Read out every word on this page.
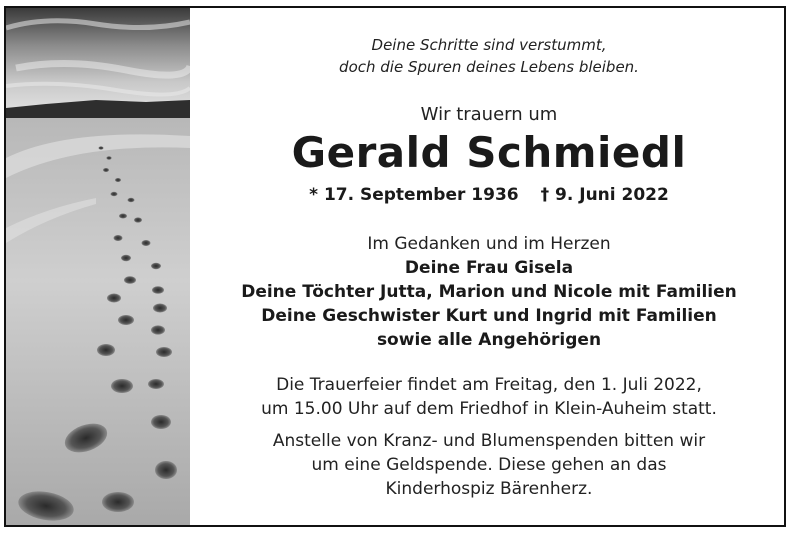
Deine Schritte sind verstummt,
doch die Spuren deines Lebens bleiben.
Wir trauern um
Gerald Schmiedl
* 17. September 1936 † 9. Juni 2022
Im Gedanken und im Herzen
Deine Frau Gisela
Deine Töchter Jutta, Marion und Nicole mit Familien
Deine Geschwister Kurt und Ingrid mit Familien
sowie alle Angehörigen
Die Trauerfeier findet am Freitag, den 1. Juli 2022,
um 15.00 Uhr auf dem Friedhof in Klein-Auheim statt.
Anstelle von Kranz- und Blumenspenden bitten wir
um eine Geldspende. Diese gehen an das
Kinderhospiz Bärenherz.
